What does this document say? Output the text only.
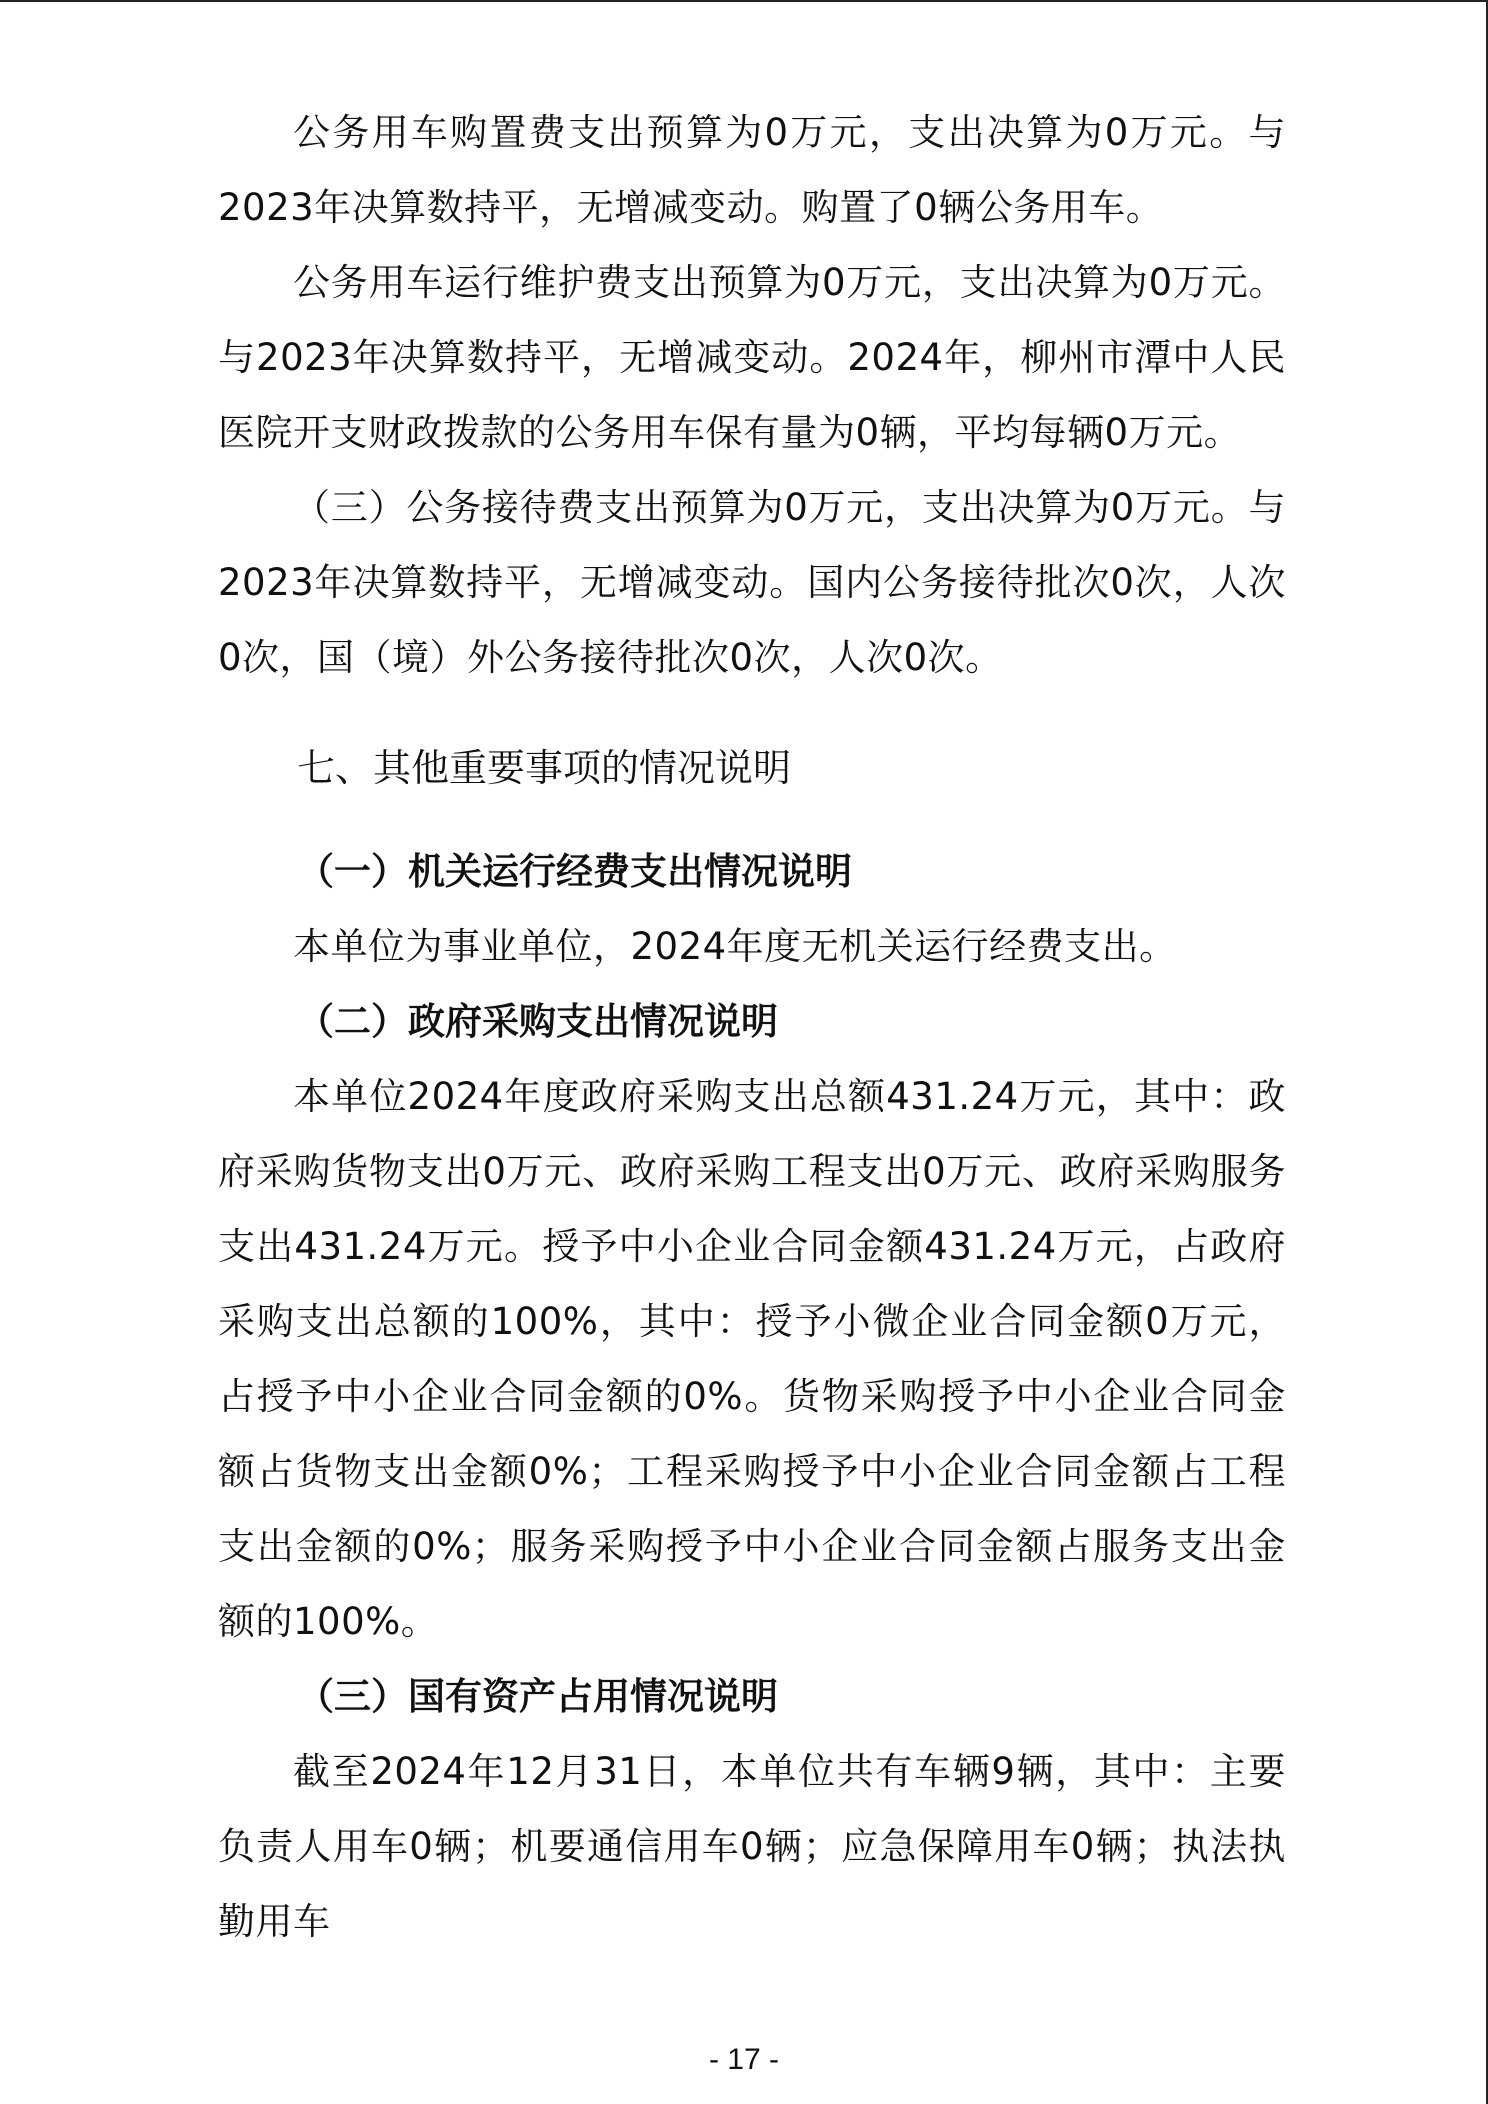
公务用车购置费支出预算为0万元，支出决算为0万元。与2023年决算数持平，无增减变动。购置了0辆公务用车。

公务用车运行维护费支出预算为0万元，支出决算为0万元。与2023年决算数持平，无增减变动。2024年，柳州市潭中人民医院开支财政拨款的公务用车保有量为0辆，平均每辆0万元。

（三）公务接待费支出预算为0万元，支出决算为0万元。与2023年决算数持平，无增减变动。国内公务接待批次0次，人次0次，国（境）外公务接待批次0次，人次0次。

七、其他重要事项的情况说明
（一）机关运行经费支出情况说明

本单位为事业单位，2024年度无机关运行经费支出。

（二）政府采购支出情况说明

本单位2024年度政府采购支出总额431.24万元，其中：政府采购货物支出0万元、政府采购工程支出0万元、政府采购服务支出431.24万元。授予中小企业合同金额431.24万元，占政府采购支出总额的100%，其中：授予小微企业合同金额0万元，占授予中小企业合同金额的0%。货物采购授予中小企业合同金额占货物支出金额0%；工程采购授予中小企业合同金额占工程支出金额的0%；服务采购授予中小企业合同金额占服务支出金额的100%。

（三）国有资产占用情况说明

截至2024年12月31日，本单位共有车辆9辆，其中：主要负责人用车0辆；机要通信用车0辆；应急保障用车0辆；执法执勤用车

- 17 -
